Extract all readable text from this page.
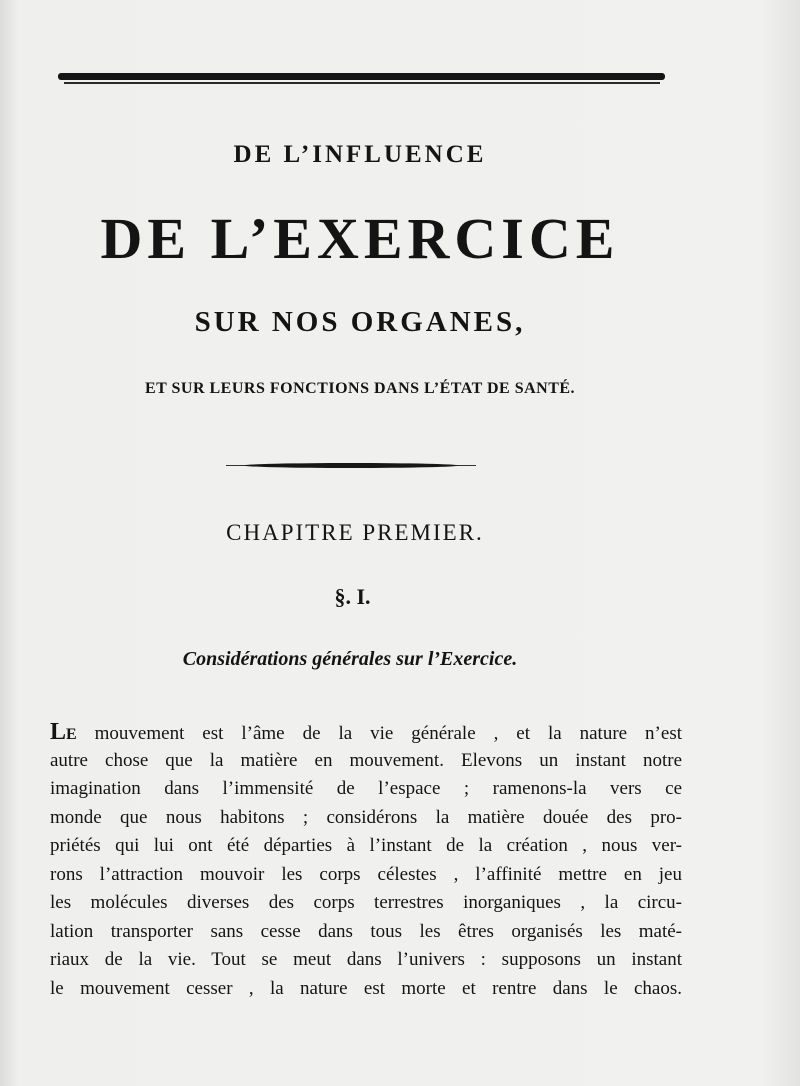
DE L’INFLUENCE
DE L’EXERCICE
SUR NOS ORGANES,
ET SUR LEURS FONCTIONS DANS L’ÉTAT DE SANTÉ.
CHAPITRE PREMIER.
§. I.
Considérations générales sur l’Exercice.
LE mouvement est l’âme de la vie générale , et la nature n’est
autre chose que la matière en mouvement. Elevons un instant notre
imagination dans l’immensité de l’espace ; ramenons-la vers ce
monde que nous habitons ; considérons la matière douée des pro-
priétés qui lui ont été départies à l’instant de la création , nous ver-
rons l’attraction mouvoir les corps célestes , l’affinité mettre en jeu
les molécules diverses des corps terrestres inorganiques , la circu-
lation transporter sans cesse dans tous les êtres organisés les maté-
riaux de la vie. Tout se meut dans l’univers : supposons un instant
le mouvement cesser , la nature est morte et rentre dans le chaos.
